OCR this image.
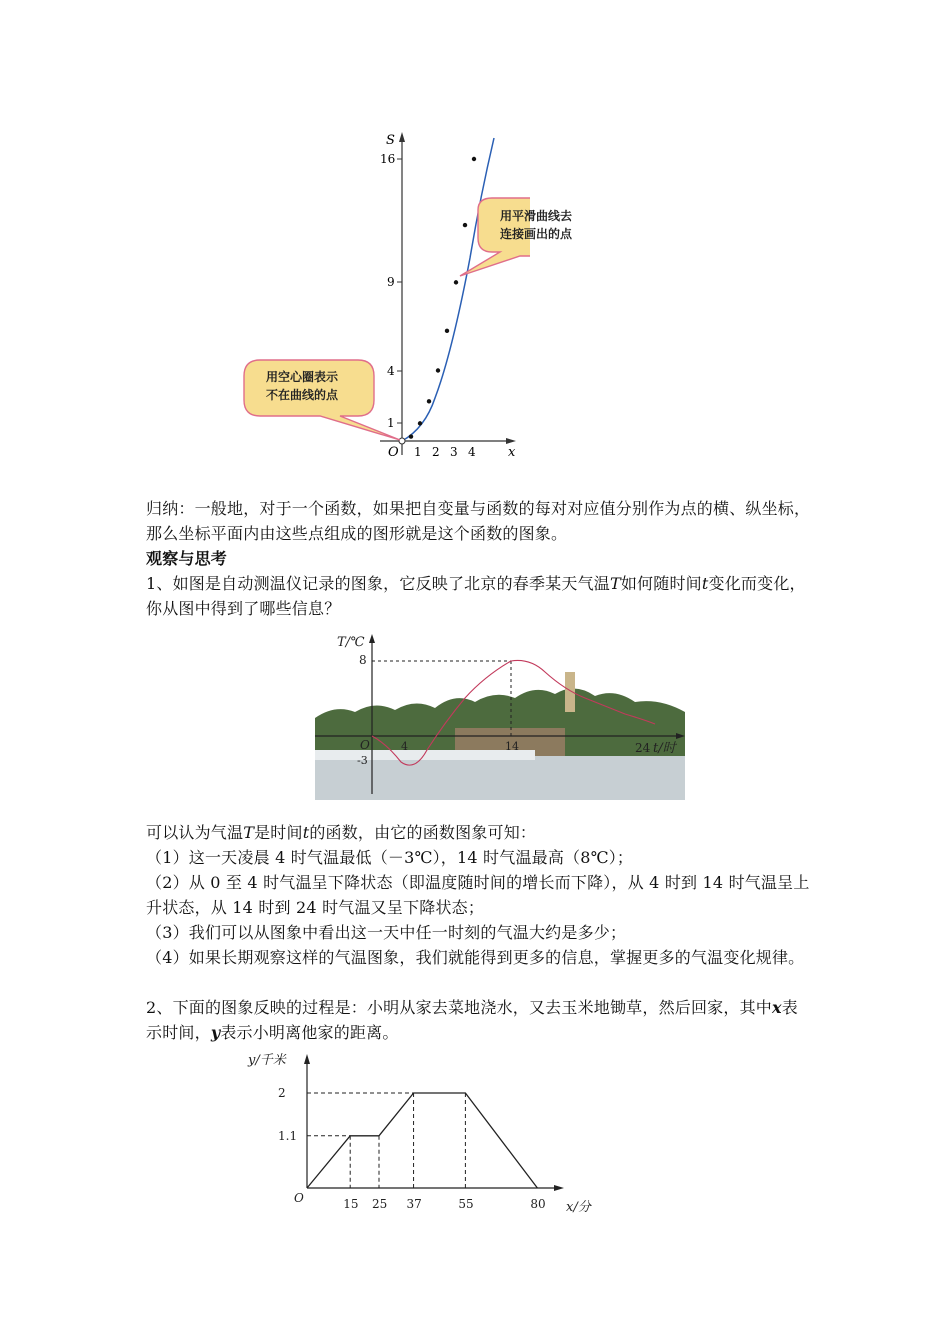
S
x
O
1
4
9
16
1 2 3 4
用平滑曲线去
连接画出的点
用空心圈表示
不在曲线的点

归纳：一般地，对于一个函数，如果把自变量与函数的每对对应值分别作为点的横、纵坐标，那么坐标平面内由这些点组成的图形就是这个函数的图象。

观察与思考

1、如图是自动测温仪记录的图象，它反映了北京的春季某天气温T如何随时间t变化而变化，你从图中得到了哪些信息？

T/℃
t/时
O
8
-3
4	14	24

可以认为气温T是时间t的函数，由它的函数图象可知：

（1）这一天凌晨 4 时气温最低（－3℃），14 时气温最高（8℃）；

（2）从 0 至 4 时气温呈下降状态（即温度随时间的增长而下降），从 4 时到 14 时气温呈上升状态，从 14 时到 24 时气温又呈下降状态；

（3）我们可以从图象中看出这一天中任一时刻的气温大约是多少；

（4）如果长期观察这样的气温图象，我们就能得到更多的信息，掌握更多的气温变化规律。

2、下面的图象反映的过程是：小明从家去菜地浇水，又去玉米地锄草，然后回家，其中x表示时间，y表示小明离他家的距离。

y/千米
x/分
O
1.1
2
15 25 37	55	80
